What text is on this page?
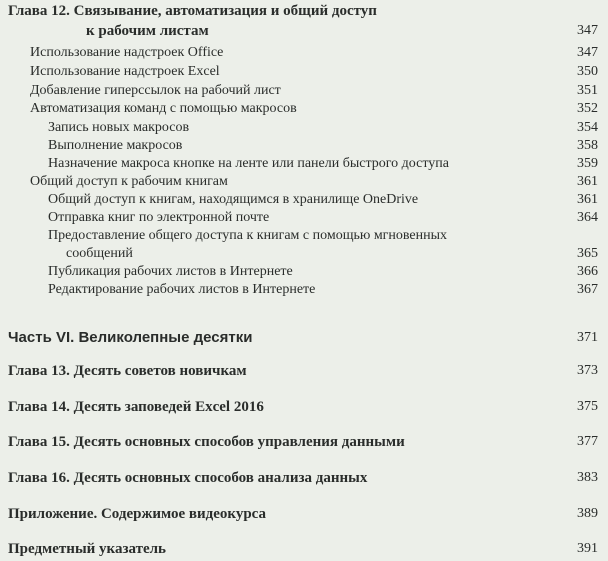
Глава 12. Связывание, автоматизация и общий доступ
к рабочим листам	347
Использование надстроек Office	347
Использование надстроек Excel	350
Добавление гиперссылок на рабочий лист	351
Автоматизация команд с помощью макросов	352
Запись новых макросов	354
Выполнение макросов	358
Назначение макроса кнопке на ленте или панели быстрого доступа	359
Общий доступ к рабочим книгам	361
Общий доступ к книгам, находящимся в хранилище OneDrive	361
Отправка книг по электронной почте	364
Предоставление общего доступа к книгам с помощью мгновенных
сообщений	365
Публикация рабочих листов в Интернете	366
Редактирование рабочих листов в Интернете	367
Часть VI. Великолепные десятки	371
Глава 13. Десять советов новичкам	373
Глава 14. Десять заповедей Excel 2016	375
Глава 15. Десять основных способов управления данными	377
Глава 16. Десять основных способов анализа данных	383
Приложение. Содержимое видеокурса	389
Предметный указатель	391
